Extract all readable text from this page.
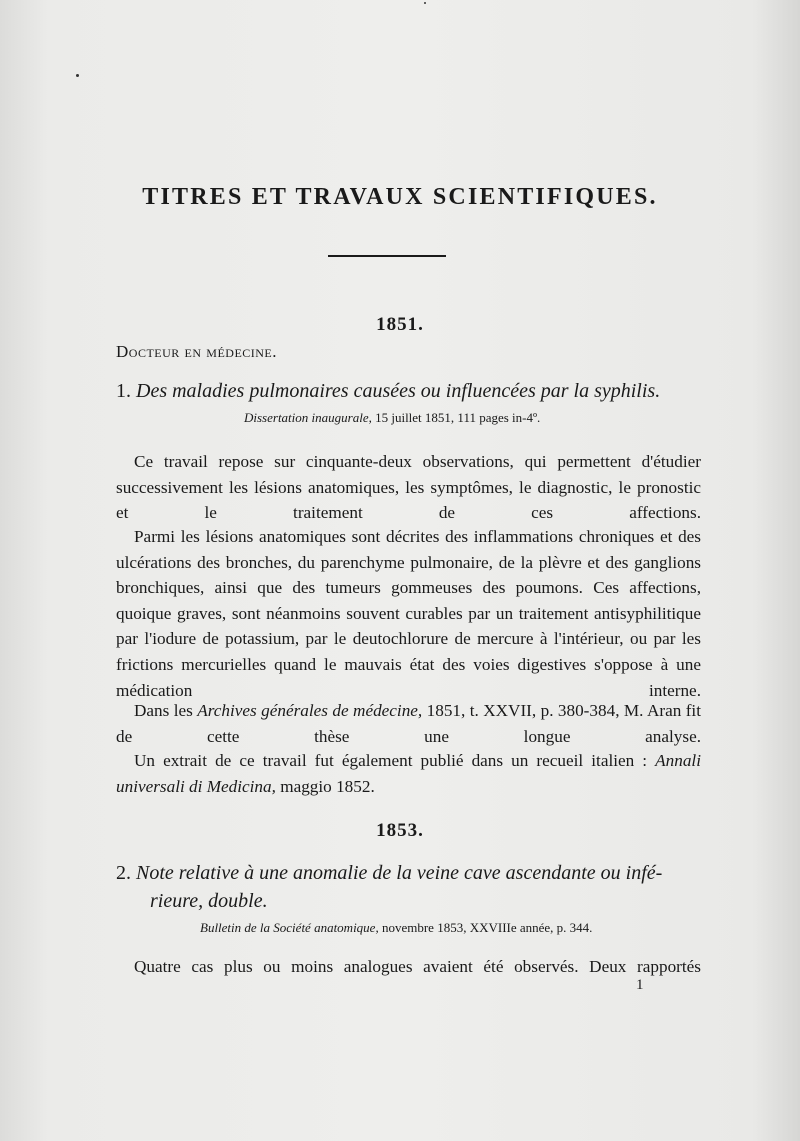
TITRES ET TRAVAUX SCIENTIFIQUES.
1851.
Docteur en médecine.
1. Des maladies pulmonaires causées ou influencées par la syphilis.
Dissertation inaugurale, 15 juillet 1851, 111 pages in-4º.

Ce travail repose sur cinquante-deux observations, qui permettent d'étudier successivement les lésions anatomiques, les symptômes, le diagnostic, le pronostic et le traitement de ces affections.

Parmi les lésions anatomiques sont décrites des inflammations chroniques et des ulcérations des bronches, du parenchyme pulmonaire, de la plèvre et des ganglions bronchiques, ainsi que des tumeurs gommeuses des poumons. Ces affections, quoique graves, sont néanmoins souvent curables par un traitement antisyphilitique par l'iodure de potassium, par le deutochlorure de mercure à l'intérieur, ou par les frictions mercurielles quand le mauvais état des voies digestives s'oppose à une médication interne.

Dans les Archives générales de médecine, 1851, t. XXVII, p. 380-384, M. Aran fit de cette thèse une longue analyse.

Un extrait de ce travail fut également publié dans un recueil italien : Annali universali di Medicina, maggio 1852.

1853.
2. Note relative à une anomalie de la veine cave ascendante ou infé-
rieure, double.
Bulletin de la Société anatomique, novembre 1853, XXVIIIe année, p. 344.

Quatre cas plus ou moins analogues avaient été observés. Deux rapportés

1
